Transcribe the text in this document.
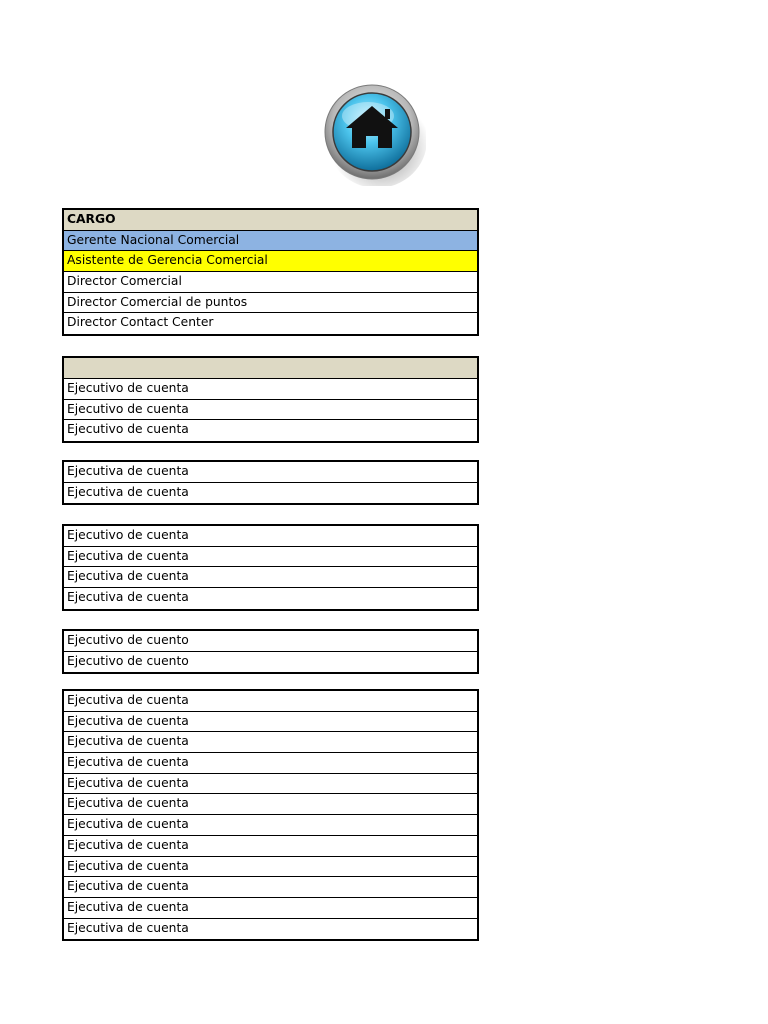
CARGO
Gerente Nacional Comercial
Asistente de Gerencia Comercial
Director Comercial
Director Comercial de puntos
Director Contact Center
Ejecutivo de cuenta
Ejecutivo de cuenta
Ejecutivo de cuenta
Ejecutiva de cuenta
Ejecutiva de cuenta
Ejecutivo de cuenta
Ejecutiva de cuenta
Ejecutiva de cuenta
Ejecutiva de cuenta
Ejecutivo de cuento
Ejecutivo de cuento
Ejecutiva de cuenta
Ejecutiva de cuenta
Ejecutiva de cuenta
Ejecutiva de cuenta
Ejecutiva de cuenta
Ejecutiva de cuenta
Ejecutiva de cuenta
Ejecutiva de cuenta
Ejecutiva de cuenta
Ejecutiva de cuenta
Ejecutiva de cuenta
Ejecutiva de cuenta
